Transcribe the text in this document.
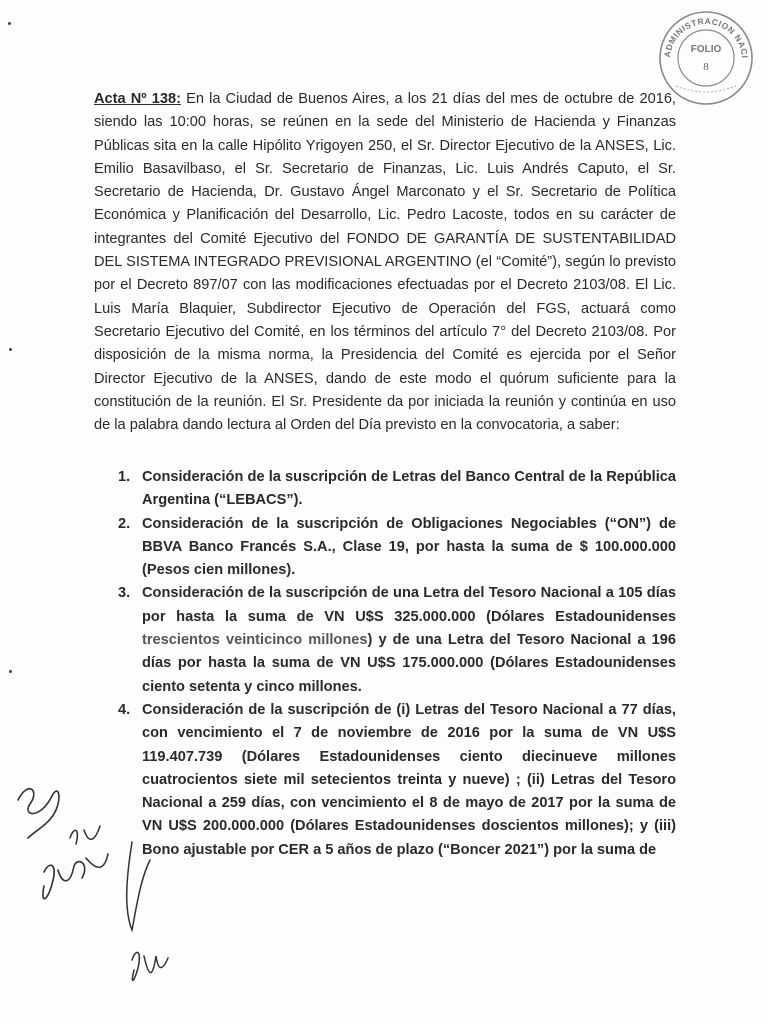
ADMINISTRACION NACI
FOLIO
8

Acta Nº 138: En la Ciudad de Buenos Aires, a los 21 días del mes de octubre de 2016, siendo las 10:00 horas, se reúnen en la sede del Ministerio de Hacienda y Finanzas Públicas sita en la calle Hipólito Yrigoyen 250, el Sr. Director Ejecutivo de la ANSES, Lic. Emilio Basavilbaso, el Sr. Secretario de Finanzas, Lic. Luis Andrés Caputo, el Sr. Secretario de Hacienda, Dr. Gustavo Ángel Marconato y el Sr. Secretario de Política Económica y Planificación del Desarrollo, Lic. Pedro Lacoste, todos en su carácter de integrantes del Comité Ejecutivo del FONDO DE GARANTÍA DE SUSTENTABILIDAD DEL SISTEMA INTEGRADO PREVISIONAL ARGENTINO (el “Comité”), según lo previsto por el Decreto 897/07 con las modificaciones efectuadas por el Decreto 2103/08. El Lic. Luis María Blaquier, Subdirector Ejecutivo de Operación del FGS, actuará como Secretario Ejecutivo del Comité, en los términos del artículo 7° del Decreto 2103/08. Por disposición de la misma norma, la Presidencia del Comité es ejercida por el Señor Director Ejecutivo de la ANSES, dando de este modo el quórum suficiente para la constitución de la reunión. El Sr. Presidente da por iniciada la reunión y continúa en uso de la palabra dando lectura al Orden del Día previsto en la convocatoria, a saber:

1. Consideración de la suscripción de Letras del Banco Central de la República Argentina (“LEBACS”).
2. Consideración de la suscripción de Obligaciones Negociables (“ON”) de BBVA Banco Francés S.A., Clase 19, por hasta la suma de $ 100.000.000 (Pesos cien millones).
3. Consideración de la suscripción de una Letra del Tesoro Nacional a 105 días por hasta la suma de VN U$S 325.000.000 (Dólares Estadounidenses trescientos veinticinco millones) y de una Letra del Tesoro Nacional a 196 días por hasta la suma de VN U$S 175.000.000 (Dólares Estadounidenses ciento setenta y cinco millones.
4. Consideración de la suscripción de (i) Letras del Tesoro Nacional a 77 días, con vencimiento el 7 de noviembre de 2016 por la suma de VN U$S 119.407.739 (Dólares Estadounidenses ciento diecinueve millones cuatrocientos siete mil setecientos treinta y nueve) ; (ii) Letras del Tesoro Nacional a 259 días, con vencimiento el 8 de mayo de 2017 por la suma de VN U$S 200.000.000 (Dólares Estadounidenses doscientos millones); y (iii) Bono ajustable por CER a 5 años de plazo (“Boncer 2021”) por la suma de
